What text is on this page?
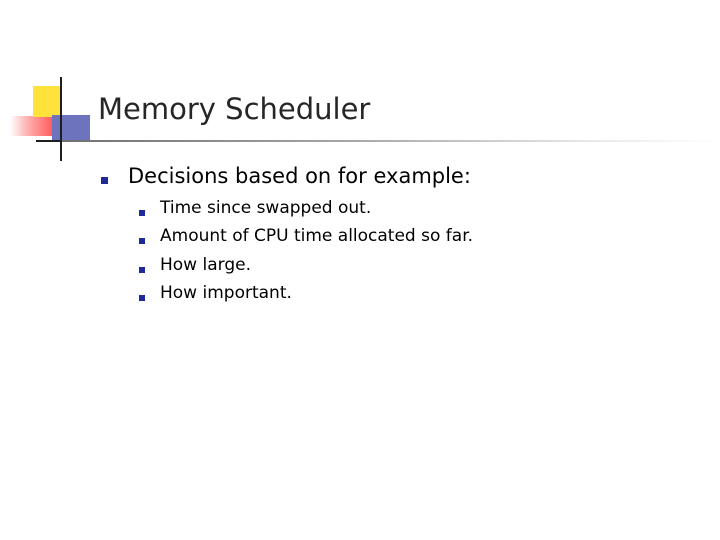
Memory Scheduler
Decisions based on for example:
Time since swapped out.
Amount of CPU time allocated so far.
How large.
How important.
